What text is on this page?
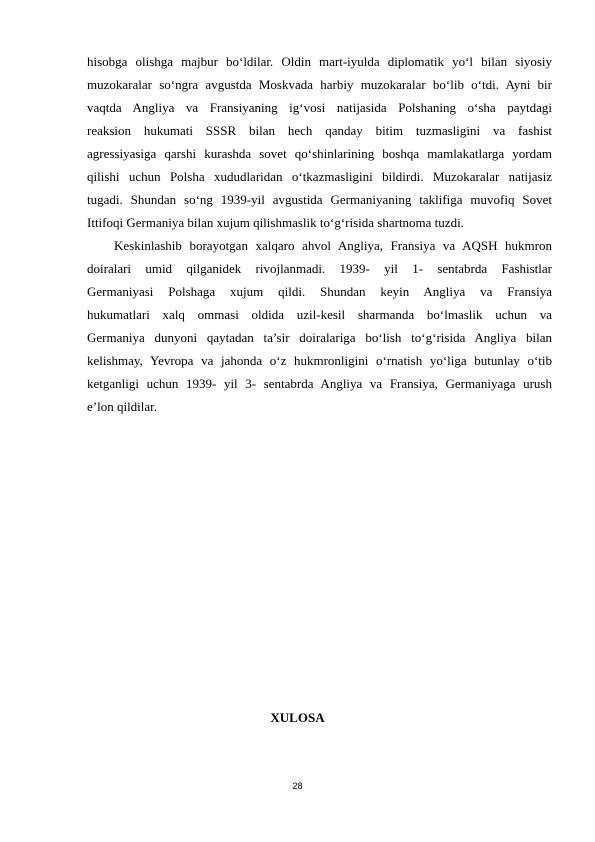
hisobga olishga majbur bo‘ldilar. Oldin mart-iyulda diplomatik yo‘l bilan siyosiy
muzokaralar so‘ngra avgustda Moskvada harbiy muzokaralar bo‘lib o‘tdi. Ayni bir
vaqtda Angliya va Fransiyaning ig‘vosi natijasida Polshaning o‘sha paytdagi
reaksion hukumati SSSR bilan hech qanday bitim tuzmasligini va fashist
agressiyasiga qarshi kurashda sovet qo‘shinlarining boshqa mamlakatlarga yordam
qilishi uchun Polsha xududlaridan o‘tkazmasligini bildirdi. Muzokaralar natijasiz
tugadi. Shundan so‘ng 1939-yil avgustida Germaniyaning taklifiga muvofiq Sovet
Ittifoqi Germaniya bilan xujum qilishmaslik to‘g‘risida shartnoma tuzdi.

Keskinlashib borayotgan xalqaro ahvol Angliya, Fransiya va AQSH hukmron
doiralari umid qilganidek rivojlanmadi. 1939- yil 1- sentabrda Fashistlar
Germaniyasi Polshaga xujum qildi. Shundan keyin Angliya va Fransiya
hukumatlari xalq ommasi oldida uzil-kesil sharmanda bo‘lmaslik uchun va
Germaniya dunyoni qaytadan ta’sir doiralariga bo‘lish to‘g‘risida Angliya bilan
kelishmay, Yevropa va jahonda o‘z hukmronligini o‘rnatish yo‘liga butunlay o‘tib
ketganligi uchun 1939- yil 3- sentabrda Angliya va Fransiya, Germaniyaga urush
e’lon qildilar.

XULOSA
28
